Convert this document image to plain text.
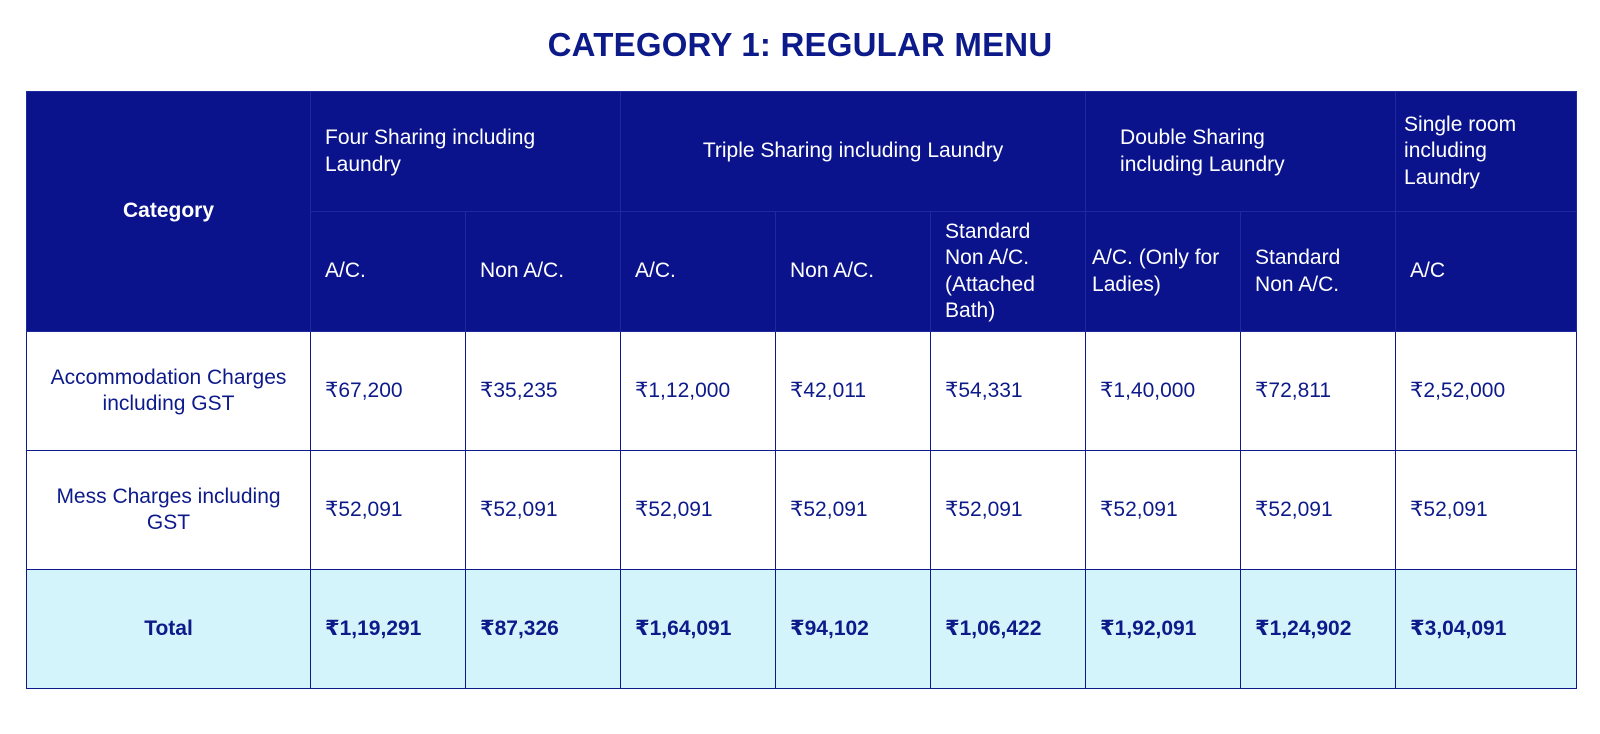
CATEGORY 1: REGULAR MENU
Category	Four Sharing including Laundry		Triple Sharing including Laundry			Double Sharing including Laundry		Single room including Laundry
	A/C.	Non A/C.	A/C.	Non A/C.	Standard Non A/C. (Attached Bath)	A/C. (Only for Ladies)	Standard Non A/C.	A/C
Accommodation Charges including GST	₹67,200	₹35,235	₹1,12,000	₹42,011	₹54,331	₹1,40,000	₹72,811	₹2,52,000
Mess Charges including GST	₹52,091	₹52,091	₹52,091	₹52,091	₹52,091	₹52,091	₹52,091	₹52,091
Total	₹1,19,291	₹87,326	₹1,64,091	₹94,102	₹1,06,422	₹1,92,091	₹1,24,902	₹3,04,091
